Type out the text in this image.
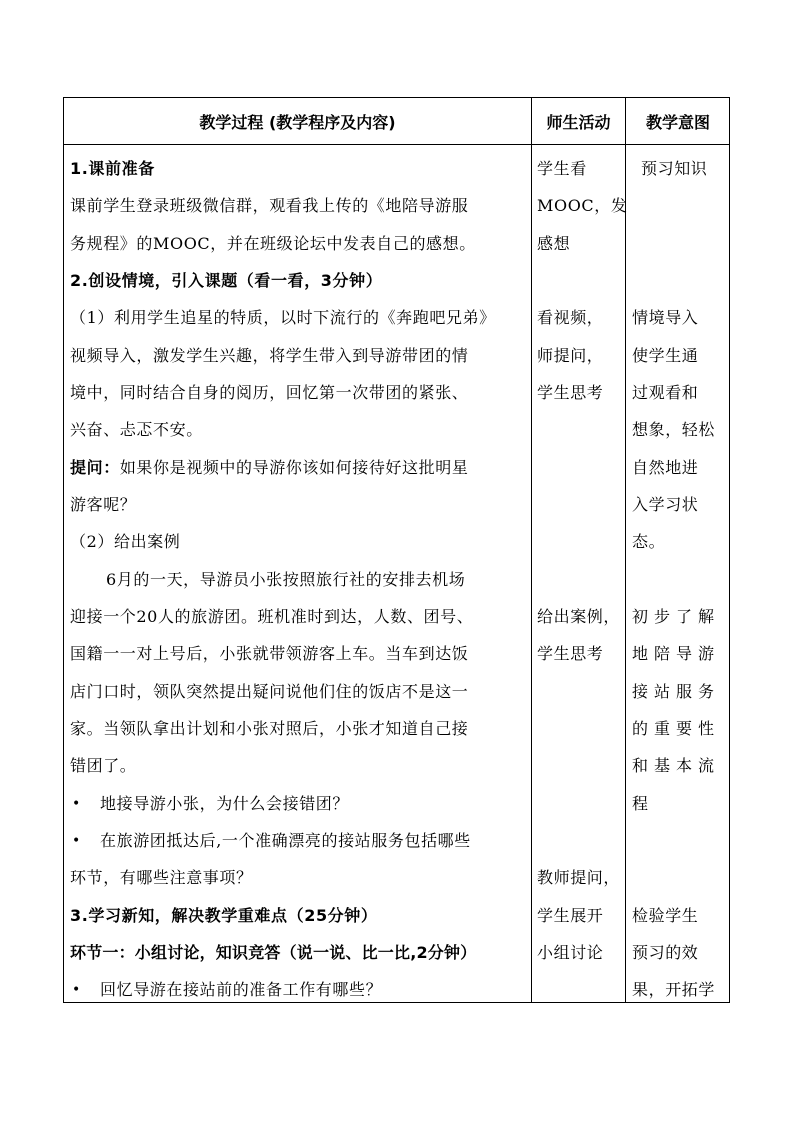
教学过程 (教学程序及内容)	师生活动	教学意图
1.课前准备
课前学生登录班级微信群，观看我上传的《地陪导游服
务规程》的MOOC，并在班级论坛中发表自己的感想。
2.创设情境，引入课题（看一看，3分钟）
（1）利用学生追星的特质，以时下流行的《奔跑吧兄弟》
视频导入，激发学生兴趣，将学生带入到导游带团的情
境中，同时结合自身的阅历，回忆第一次带团的紧张、
兴奋、忐忑不安。
提问：如果你是视频中的导游你该如何接待好这批明星
游客呢？
（2）给出案例
6月的一天，导游员小张按照旅行社的安排去机场
迎接一个20人的旅游团。班机准时到达，人数、团号、
国籍一一对上号后，小张就带领游客上车。当车到达饭
店门口时，领队突然提出疑问说他们住的饭店不是这一
家。当领队拿出计划和小张对照后，小张才知道自己接
错团了。
• 地接导游小张，为什么会接错团？
• 在旅游团抵达后,一个准确漂亮的接站服务包括哪些
环节，有哪些注意事项？
3.学习新知，解决教学重难点（25分钟）
环节一：小组讨论，知识竞答（说一说、比一比,2分钟）
• 回忆导游在接站前的准备工作有哪些？
学生看
MOOC，发
感想
看视频，
师提问，
学生思考
给出案例，
学生思考
教师提问，
学生展开
小组讨论
预习知识
情境导入
使学生通
过观看和
想象，轻松
自然地进
入学习状
态。
初步了解
地陪导游
接站服务
的重要性
和基本流
程
检验学生
预习的效
果，开拓学
